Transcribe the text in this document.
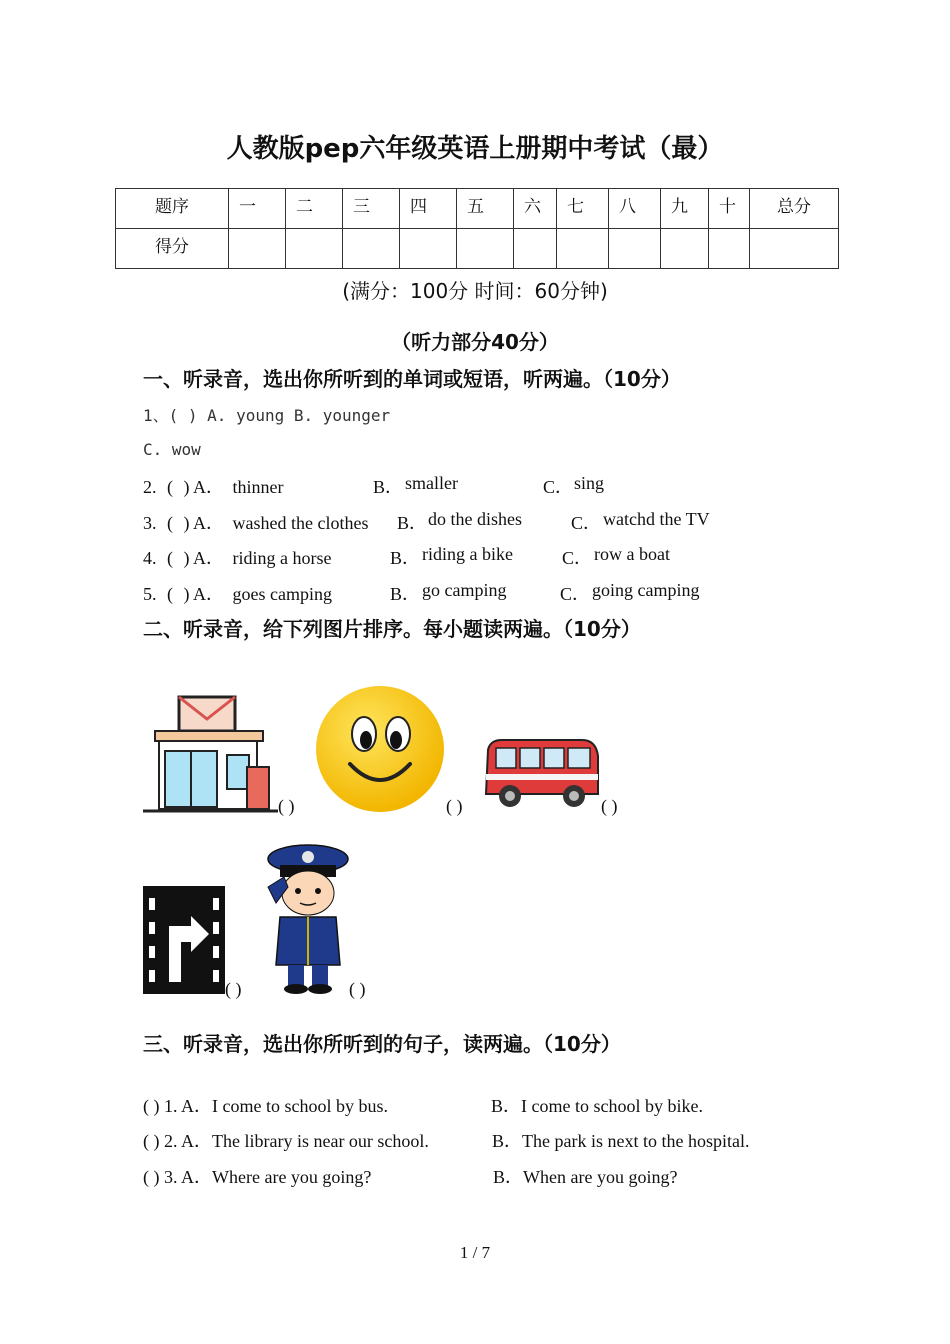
人教版pep六年级英语上册期中考试（最）
题序	一	二	三	四	五	六	七	八	九	十	总分
得分											
(满分：100分 时间：60分钟)
（听力部分40分）
一、听录音，选出你所听到的单词或短语，听两遍。（10分）
1、( ) A. young B. younger
C. wow
2. ( ) A． thinner	B． smaller	C． sing
3. ( ) A． washed the clothes B． do the dishes	C． watchd the TV
4. ( ) A． riding a horse	B． riding a bike	C． row a boat
5. ( ) A． goes camping	B． go camping	C． going camping
二、听录音，给下列图片排序。每小题读两遍。（10分）
( )	( )	( )
( )	( )
三、听录音，选出你所听到的句子，读两遍。（10分）
( ) 1. A．I come to school by bus.	B．I come to school by bike.
( ) 2. A．The library is near our school.	B．The park is next to the hospital.
( ) 3. A．Where are you going?	B．When are you going?
1 / 7
